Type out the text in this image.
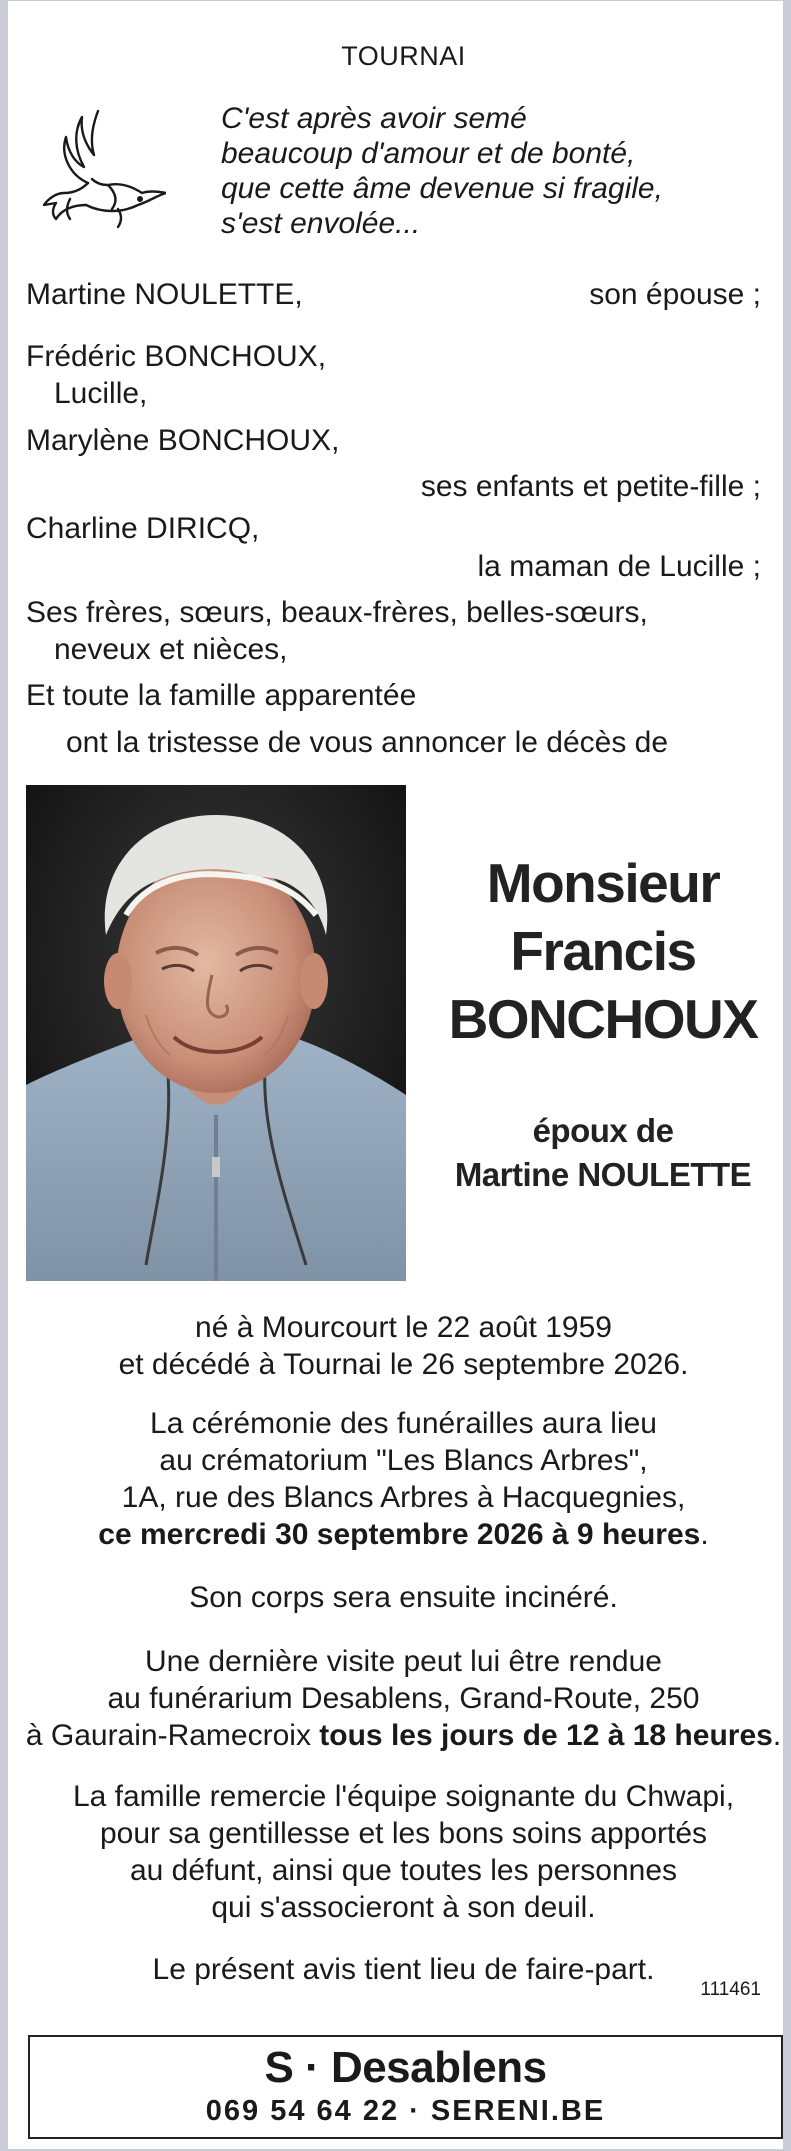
TOURNAI
C'est après avoir semé
beaucoup d'amour et de bonté,
que cette âme devenue si fragile,
s'est envolée...
Martine NOULETTE,	son épouse ;
Frédéric BONCHOUX,
Lucille,
Marylène BONCHOUX,
ses enfants et petite-fille ;
Charline DIRICQ,
la maman de Lucille ;
Ses frères, sœurs, beaux-frères, belles-sœurs,
neveux et nièces,
Et toute la famille apparentée
ont la tristesse de vous annoncer le décès de
Monsieur
Francis
BONCHOUX
époux de
Martine NOULETTE
né à Mourcourt le 22 août 1959
et décédé à Tournai le 26 septembre 2026.
La cérémonie des funérailles aura lieu
au crématorium "Les Blancs Arbres",
1A, rue des Blancs Arbres à Hacquegnies,
ce mercredi 30 septembre 2026 à 9 heures.
Son corps sera ensuite incinéré.
Une dernière visite peut lui être rendue
au funérarium Desablens, Grand-Route, 250
à Gaurain-Ramecroix tous les jours de 12 à 18 heures.
La famille remercie l'équipe soignante du Chwapi,
pour sa gentillesse et les bons soins apportés
au défunt, ainsi que toutes les personnes
qui s'associeront à son deuil.
Le présent avis tient lieu de faire-part.
111461
S · Desablens
069 54 64 22 · SERENI.BE
